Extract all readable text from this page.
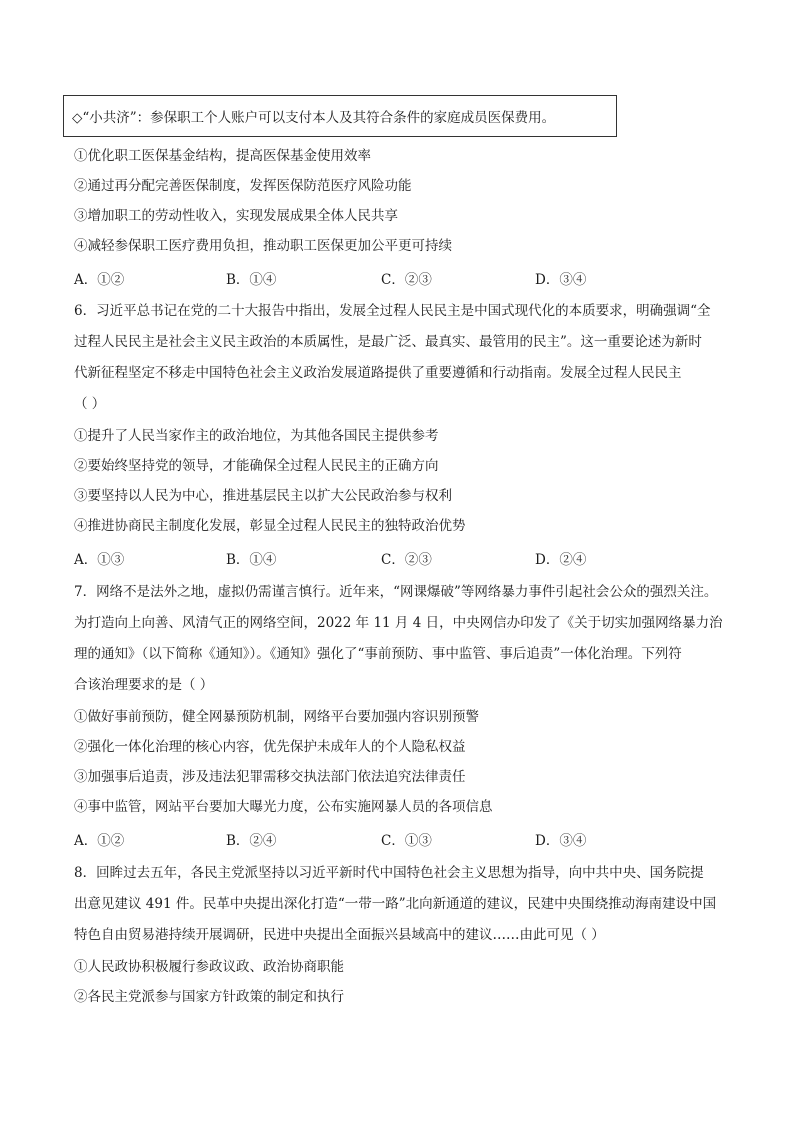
◇“小共济”：参保职工个人账户可以支付本人及其符合条件的家庭成员医保费用。
①优化职工医保基金结构，提高医保基金使用效率
②通过再分配完善医保制度，发挥医保防范医疗风险功能
③增加职工的劳动性收入，实现发展成果全体人民共享
④减轻参保职工医疗费用负担，推动职工医保更加公平更可持续
A．①②	B．①④	C．②③	D．③④
6．习近平总书记在党的二十大报告中指出，发展全过程人民民主是中国式现代化的本质要求，明确强调“全
过程人民民主是社会主义民主政治的本质属性，是最广泛、最真实、最管用的民主”。这一重要论述为新时
代新征程坚定不移走中国特色社会主义政治发展道路提供了重要遵循和行动指南。发展全过程人民民主
（ ）
①提升了人民当家作主的政治地位，为其他各国民主提供参考
②要始终坚持党的领导，才能确保全过程人民民主的正确方向
③要坚持以人民为中心，推进基层民主以扩大公民政治参与权利
④推进协商民主制度化发展，彰显全过程人民民主的独特政治优势
A．①③	B．①④	C．②③	D．②④
7．网络不是法外之地，虚拟仍需谨言慎行。近年来，“网课爆破”等网络暴力事件引起社会公众的强烈关注。
为打造向上向善、风清气正的网络空间，2022 年 11 月 4 日，中央网信办印发了《关于切实加强网络暴力治
理的通知》（以下简称《通知》）。《通知》强化了“事前预防、事中监管、事后追责”一体化治理。下列符
合该治理要求的是（ ）
①做好事前预防，健全网暴预防机制，网络平台要加强内容识别预警
②强化一体化治理的核心内容，优先保护未成年人的个人隐私权益
③加强事后追责，涉及违法犯罪需移交执法部门依法追究法律责任
④事中监管，网站平台要加大曝光力度，公布实施网暴人员的各项信息
A．①②	B．②④	C．①③	D．③④
8．回眸过去五年，各民主党派坚持以习近平新时代中国特色社会主义思想为指导，向中共中央、国务院提
出意见建议 491 件。民革中央提出深化打造“一带一路”北向新通道的建议，民建中央围绕推动海南建设中国
特色自由贸易港持续开展调研，民进中央提出全面振兴县域高中的建议……由此可见（ ）
①人民政协积极履行参政议政、政治协商职能
②各民主党派参与国家方针政策的制定和执行
